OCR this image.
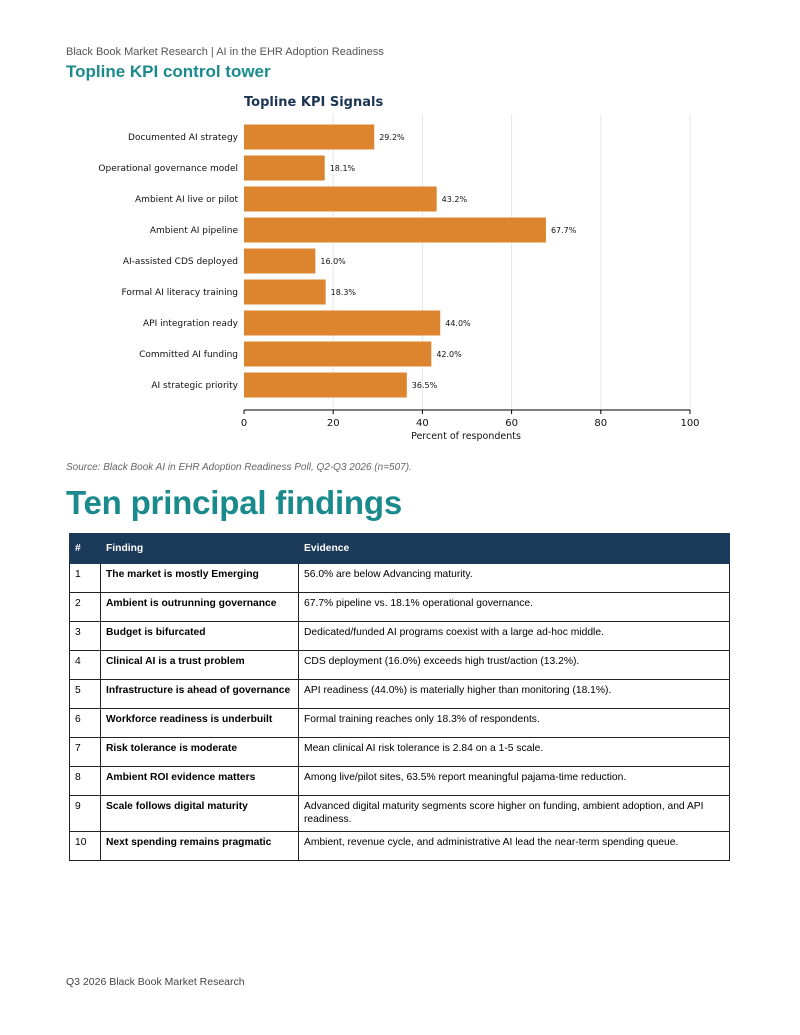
Black Book Market Research | AI in the EHR Adoption Readiness
Topline KPI control tower
Topline KPI Signals
Documented AI strategy	29.2%
Operational governance model	18.1%
Ambient AI live or pilot	43.2%
Ambient AI pipeline	67.7%
AI-assisted CDS deployed	16.0%
Formal AI literacy training	18.3%
API integration ready	44.0%
Committed AI funding	42.0%
AI strategic priority	36.5%
0	20	40	60	80	100
Percent of respondents
Source: Black Book AI in EHR Adoption Readiness Poll, Q2-Q3 2026 (n=507).
Ten principal findings
#	Finding	Evidence
1	The market is mostly Emerging	56.0% are below Advancing maturity.
2	Ambient is outrunning governance	67.7% pipeline vs. 18.1% operational governance.
3	Budget is bifurcated	Dedicated/funded AI programs coexist with a large ad-hoc middle.
4	Clinical AI is a trust problem	CDS deployment (16.0%) exceeds high trust/action (13.2%).
5	Infrastructure is ahead of governance	API readiness (44.0%) is materially higher than monitoring (18.1%).
6	Workforce readiness is underbuilt	Formal training reaches only 18.3% of respondents.
7	Risk tolerance is moderate	Mean clinical AI risk tolerance is 2.84 on a 1-5 scale.
8	Ambient ROI evidence matters	Among live/pilot sites, 63.5% report meaningful pajama-time reduction.
9	Scale follows digital maturity	Advanced digital maturity segments score higher on funding, ambient adoption, and API readiness.
10	Next spending remains pragmatic	Ambient, revenue cycle, and administrative AI lead the near-term spending queue.
Q3 2026 Black Book Market Research
